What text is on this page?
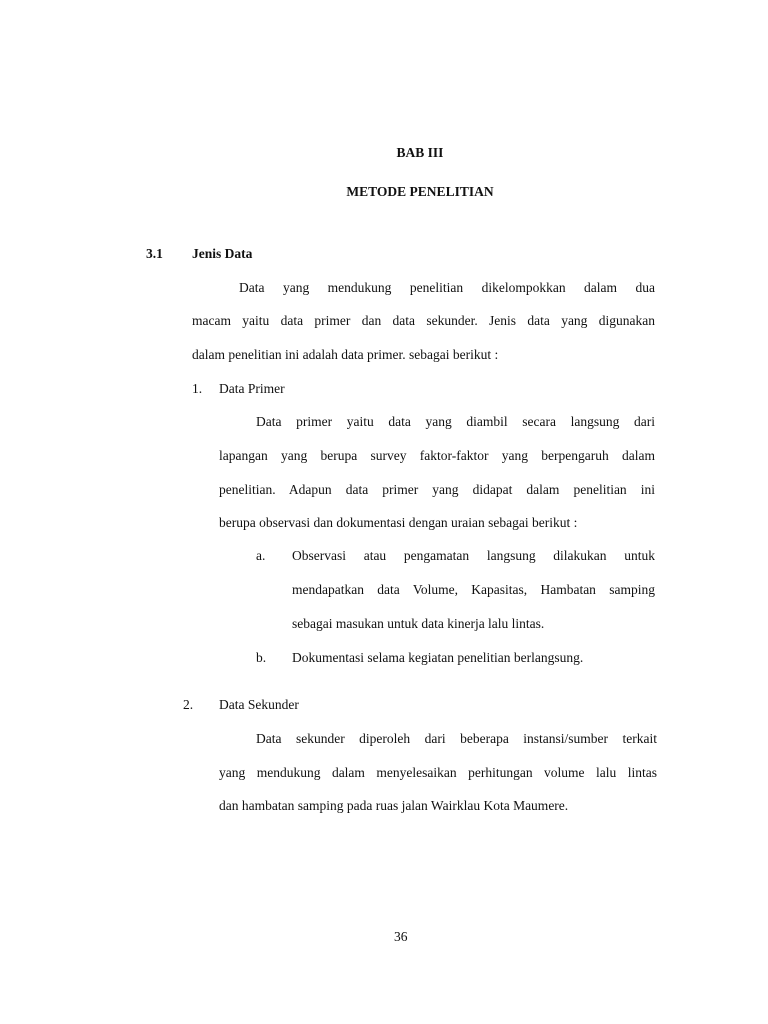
BAB III
METODE PENELITIAN
3.1 Jenis Data
Data yang mendukung penelitian dikelompokkan dalam dua
macam yaitu data primer dan data sekunder. Jenis data yang digunakan
dalam penelitian ini adalah data primer. sebagai berikut :
1. Data Primer
Data primer yaitu data yang diambil secara langsung dari
lapangan yang berupa survey faktor-faktor yang berpengaruh dalam
penelitian. Adapun data primer yang didapat dalam penelitian ini
berupa observasi dan dokumentasi dengan uraian sebagai berikut :
a. Observasi atau pengamatan langsung dilakukan untuk
mendapatkan data Volume, Kapasitas, Hambatan samping
sebagai masukan untuk data kinerja lalu lintas.
b. Dokumentasi selama kegiatan penelitian berlangsung.
2. Data Sekunder
Data sekunder diperoleh dari beberapa instansi/sumber terkait
yang mendukung dalam menyelesaikan perhitungan volume lalu lintas
dan hambatan samping pada ruas jalan Wairklau Kota Maumere.
36
